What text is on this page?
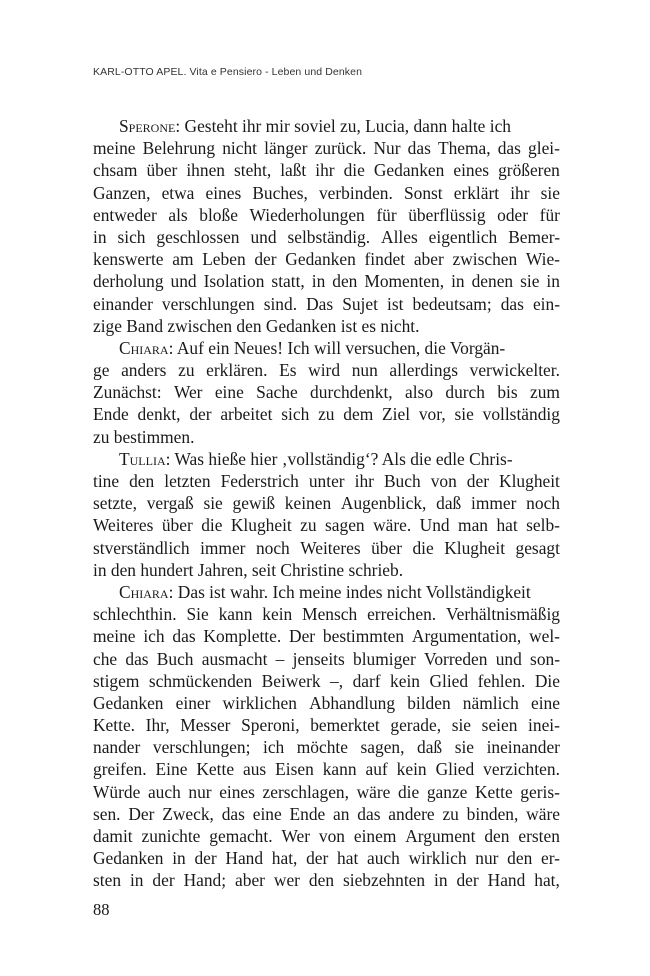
KARL-OTTO APEL. Vita e Pensiero - Leben und Denken
Sperone: Gesteht ihr mir soviel zu, Lucia, dann halte ich
meine Belehrung nicht länger zurück. Nur das Thema, das glei-
chsam über ihnen steht, laßt ihr die Gedanken eines größeren
Ganzen, etwa eines Buches, verbinden. Sonst erklärt ihr sie
entweder als bloße Wiederholungen für überflüssig oder für
in sich geschlossen und selbständig. Alles eigentlich Bemer-
kenswerte am Leben der Gedanken findet aber zwischen Wie-
derholung und Isolation statt, in den Momenten, in denen sie in
einander verschlungen sind. Das Sujet ist bedeutsam; das ein-
zige Band zwischen den Gedanken ist es nicht.
Chiara: Auf ein Neues! Ich will versuchen, die Vorgän-
ge anders zu erklären. Es wird nun allerdings verwickelter.
Zunächst: Wer eine Sache durchdenkt, also durch bis zum
Ende denkt, der arbeitet sich zu dem Ziel vor, sie vollständig
zu bestimmen.
Tullia: Was hieße hier ‚vollständig‘? Als die edle Chris-
tine den letzten Federstrich unter ihr Buch von der Klugheit
setzte, vergaß sie gewiß keinen Augenblick, daß immer noch
Weiteres über die Klugheit zu sagen wäre. Und man hat selb-
stverständlich immer noch Weiteres über die Klugheit gesagt
in den hundert Jahren, seit Christine schrieb.
Chiara: Das ist wahr. Ich meine indes nicht Vollständigkeit
schlechthin. Sie kann kein Mensch erreichen. Verhältnismäßig
meine ich das Komplette. Der bestimmten Argumentation, wel-
che das Buch ausmacht – jenseits blumiger Vorreden und son-
stigem schmückenden Beiwerk –, darf kein Glied fehlen. Die
Gedanken einer wirklichen Abhandlung bilden nämlich eine
Kette. Ihr, Messer Speroni, bemerktet gerade, sie seien inei-
nander verschlungen; ich möchte sagen, daß sie ineinander
greifen. Eine Kette aus Eisen kann auf kein Glied verzichten.
Würde auch nur eines zerschlagen, wäre die ganze Kette geris-
sen. Der Zweck, das eine Ende an das andere zu binden, wäre
damit zunichte gemacht. Wer von einem Argument den ersten
Gedanken in der Hand hat, der hat auch wirklich nur den er-
sten in der Hand; aber wer den siebzehnten in der Hand hat,
88
